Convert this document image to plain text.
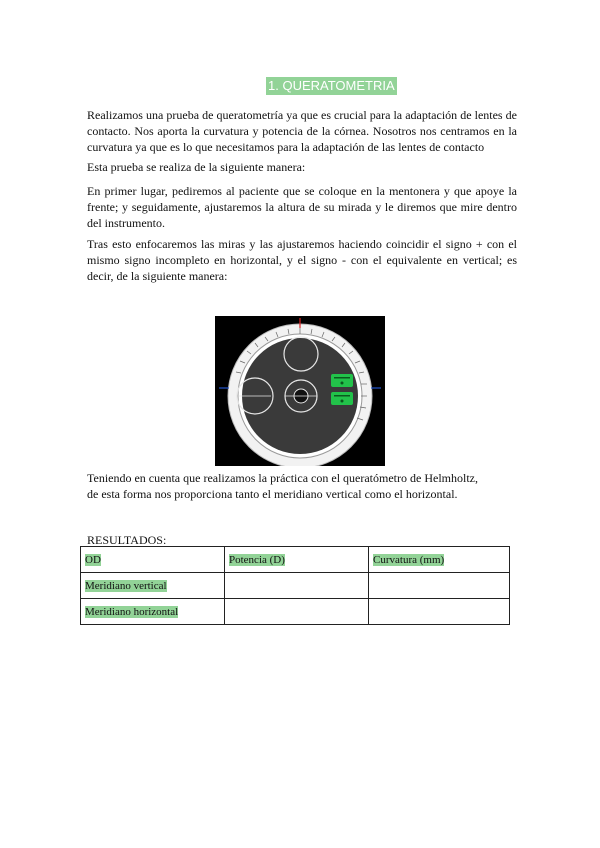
1. QUERATOMETRIA

Realizamos una prueba de queratometría ya que es crucial para la adaptación de lentes de contacto. Nos aporta la curvatura y potencia de la córnea. Nosotros nos centramos en la curvatura ya que es lo que necesitamos para la adaptación de las lentes de contacto

Esta prueba se realiza de la siguiente manera:

En primer lugar, pediremos al paciente que se coloque en la mentonera y que apoye la frente; y seguidamente, ajustaremos la altura de su mirada y le diremos que mire dentro del instrumento.

Tras esto enfocaremos las miras y las ajustaremos haciendo coincidir el signo + con el mismo signo incompleto en horizontal, y el signo - con el equivalente en vertical; es decir, de la siguiente manera:

Teniendo en cuenta que realizamos la práctica con el queratómetro de Helmholtz,
de esta forma nos proporciona tanto el meridiano vertical como el horizontal.

RESULTADOS:
OD	Potencia (D)	Curvatura (mm)
Meridiano vertical		
Meridiano horizontal		
